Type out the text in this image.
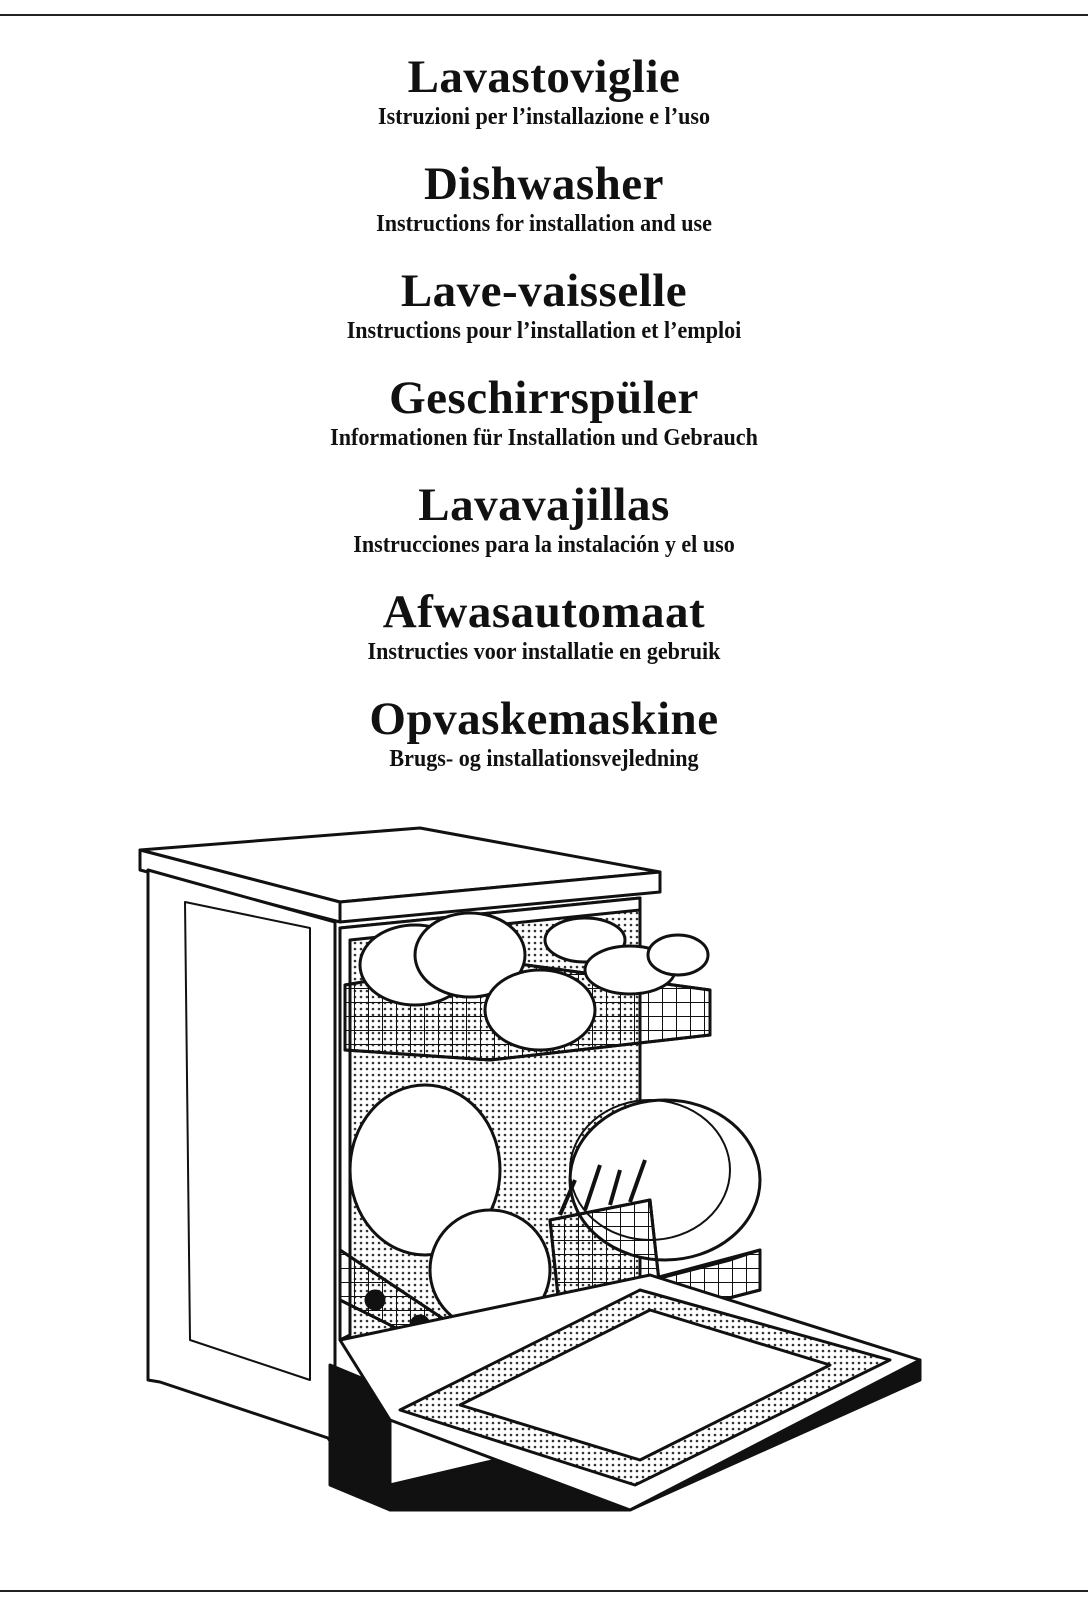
Lavastoviglie
Istruzioni per l’installazione e l’uso
Dishwasher
Instructions for installation and use
Lave-vaisselle
Instructions pour l’installation et l’emploi
Geschirrspüler
Informationen für Installation und Gebrauch
Lavavajillas
Instrucciones para la instalación y el uso
Afwasautomaat
Instructies voor installatie en gebruik
Opvaskemaskine
Brugs- og installationsvejledning
